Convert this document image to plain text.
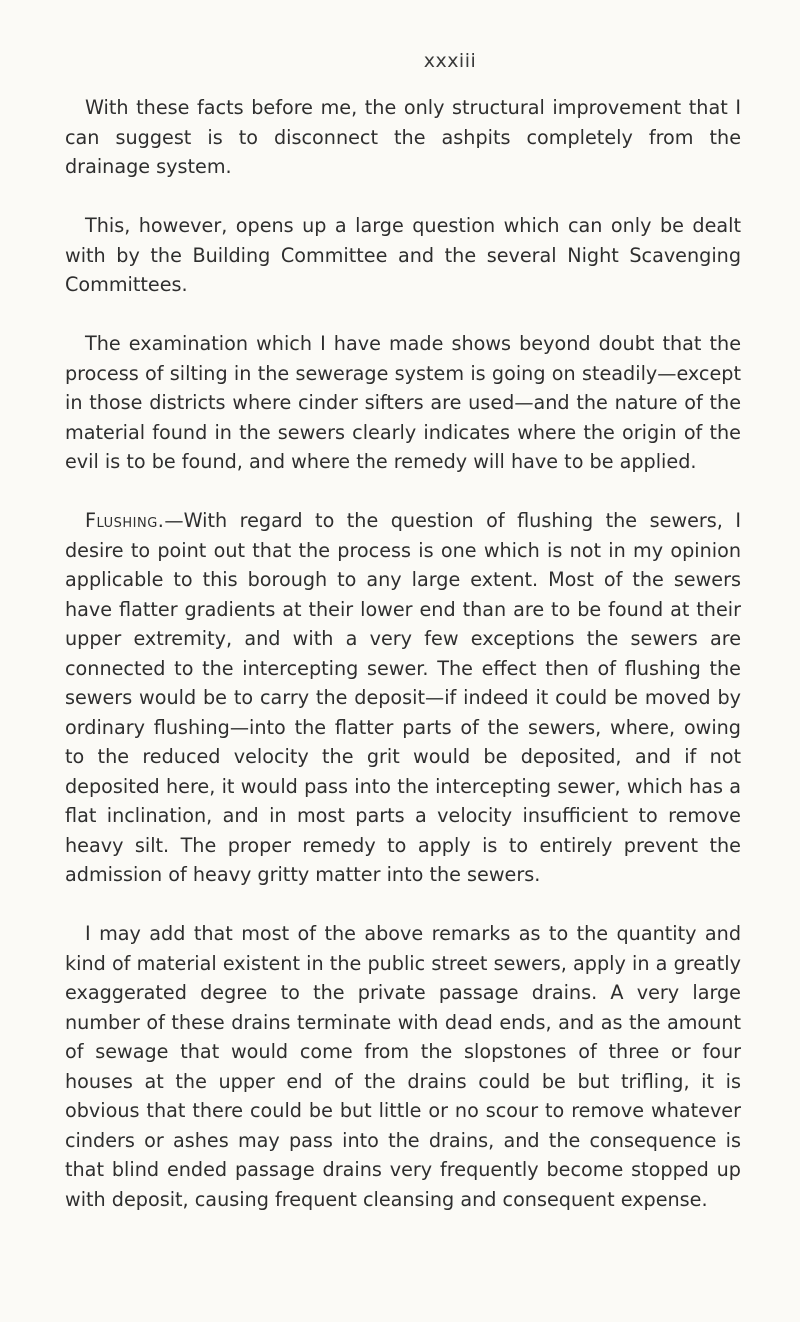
xxxiii

With these facts before me, the only structural improvement that I can suggest is to disconnect the ashpits completely from the drainage system.

This, however, opens up a large question which can only be dealt with by the Building Committee and the several Night Scavenging Committees.

The examination which I have made shows beyond doubt that the process of silting in the sewerage system is going on steadily—except in those districts where cinder sifters are used—and the nature of the material found in the sewers clearly indicates where the origin of the evil is to be found, and where the remedy will have to be applied.

Flushing.—With regard to the question of flushing the sewers, I desire to point out that the process is one which is not in my opinion applicable to this borough to any large extent. Most of the sewers have flatter gradients at their lower end than are to be found at their upper extremity, and with a very few exceptions the sewers are connected to the intercepting sewer. The effect then of flushing the sewers would be to carry the deposit—if indeed it could be moved by ordinary flushing—into the flatter parts of the sewers, where, owing to the reduced velocity the grit would be deposited, and if not deposited here, it would pass into the intercepting sewer, which has a flat inclination, and in most parts a velocity insufficient to remove heavy silt. The proper remedy to apply is to entirely prevent the admission of heavy gritty matter into the sewers.

I may add that most of the above remarks as to the quantity and kind of material existent in the public street sewers, apply in a greatly exaggerated degree to the private passage drains. A very large number of these drains terminate with dead ends, and as the amount of sewage that would come from the slopstones of three or four houses at the upper end of the drains could be but trifling, it is obvious that there could be but little or no scour to remove whatever cinders or ashes may pass into the drains, and the consequence is that blind ended passage drains very frequently become stopped up with deposit, causing frequent cleansing and consequent expense.
